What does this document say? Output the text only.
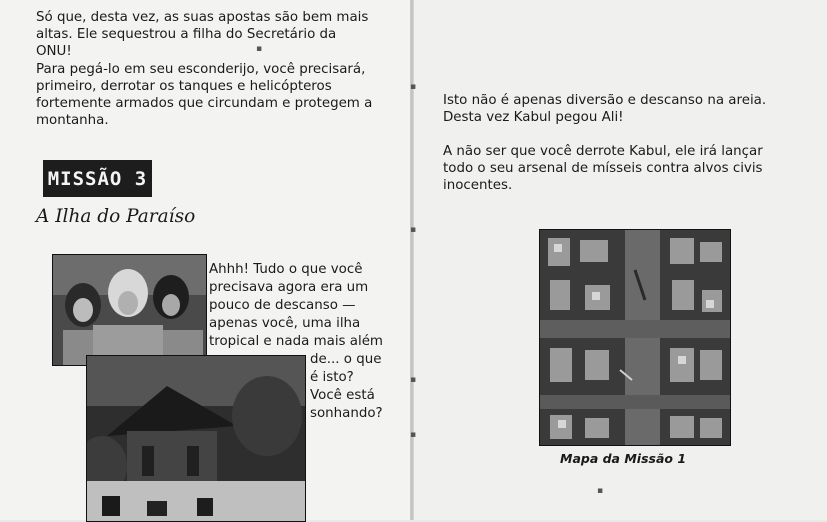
Só que, desta vez, as suas apostas são bem mais altas. Ele sequestrou a filha do Secretário da ONU!

Para pegá-lo em seu esconderijo, você precisará, primeiro, derrotar os tanques e helicópteros fortemente armados que circundam e protegem a montanha.

MISSÃO 3

A Ilha do Paraíso

Ahhh! Tudo o que você
precisava agora era um
pouco de descanso —
apenas você, uma ilha
tropical e nada mais além
de... o que
é isto?
Você está
sonhando?

Isto não é apenas diversão e descanso na areia. Desta vez Kabul pegou Ali!

A não ser que você derrote Kabul, ele irá lançar todo o seu arsenal de mísseis contra alvos civis inocentes.

Mapa da Missão 1
▪
▪
▪
▪
▪
▪
